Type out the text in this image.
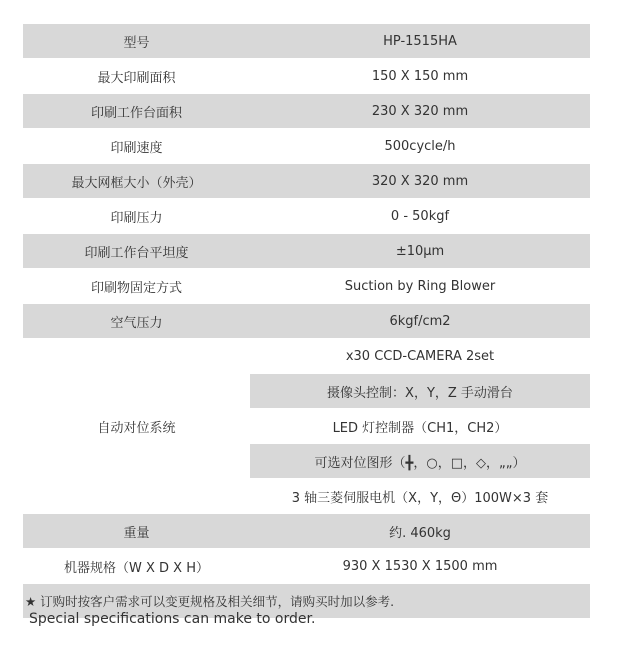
型号	HP-1515HA
最大印刷面积	150 X 150 mm
印刷工作台面积	230 X 320 mm
印刷速度	500cycle/h
最大网框大小（外壳）	320 X 320 mm
印刷压力	0 - 50kgf
印刷工作台平坦度	±10μm
印刷物固定方式	Suction by Ring Blower
空气压力	6kgf/cm2
自动对位系统	x30 CCD-CAMERA 2set
	摄像头控制：X，Y，Z 手动滑台
	LED 灯控制器（CH1，CH2）
	可选对位图形（╋，○，□，◇，„„）
	3 轴三菱伺服电机（X，Y，Θ）100W×3 套
重量	约. 460kg
机器规格（W X D X H）	930 X 1530 X 1500 mm
★ 订购时按客户需求可以变更规格及相关细节，请购买时加以参考.	
Special specifications can make to order.
